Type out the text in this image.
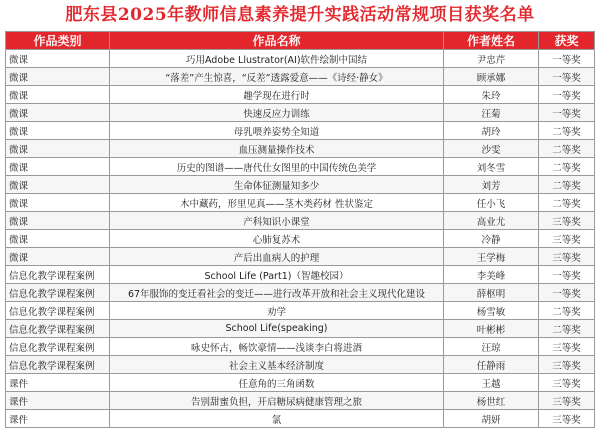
肥东县2025年教师信息素养提升实践活动常规项目获奖名单
作品类别	作品名称	作者姓名	获奖
微课	巧用Adobe Llustrator(AI)软件绘制中国结	尹忠芹	一等奖
微课	“落差”产生惊喜，“反差”透露爱意——《诗经·静女》	顾承娜	一等奖
微课	趣学现在进行时	朱玲	一等奖
微课	快速反应力训练	汪菊	一等奖
微课	母乳喂养姿势全知道	胡玲	二等奖
微课	血压测量操作技术	沙雯	二等奖
微课	历史的图谱——唐代仕女图里的中国传统色美学	刘冬雪	二等奖
微课	生命体征测量知多少	刘芳	二等奖
微课	木中藏药，形里见真——茎木类药材 性状鉴定	任小飞	二等奖
微课	产科知识小课堂	高业尤	三等奖
微课	心肺复苏术	冷静	三等奖
微课	产后出血病人的护理	王学梅	三等奖
信息化教学课程案例	School Life (Part1)（智趣校园）	李美峰	一等奖
信息化教学课程案例	67年服饰的变迁看社会的变迁——进行改革开放和社会主义现代化建设	薛枢明	一等奖
信息化教学课程案例	劝学	杨雪敏	二等奖
信息化教学课程案例	School Life(speaking)	叶彬彬	二等奖
信息化教学课程案例	咏史怀古，畅饮豪情——浅谈李白将进酒	汪琼	三等奖
信息化教学课程案例	社会主义基本经济制度	任静雨	三等奖
课件	任意角的三角函数	王越	三等奖
课件	告别甜蜜负担，开启糖尿病健康管理之旅	杨世红	三等奖
课件	氯	胡妍	三等奖
